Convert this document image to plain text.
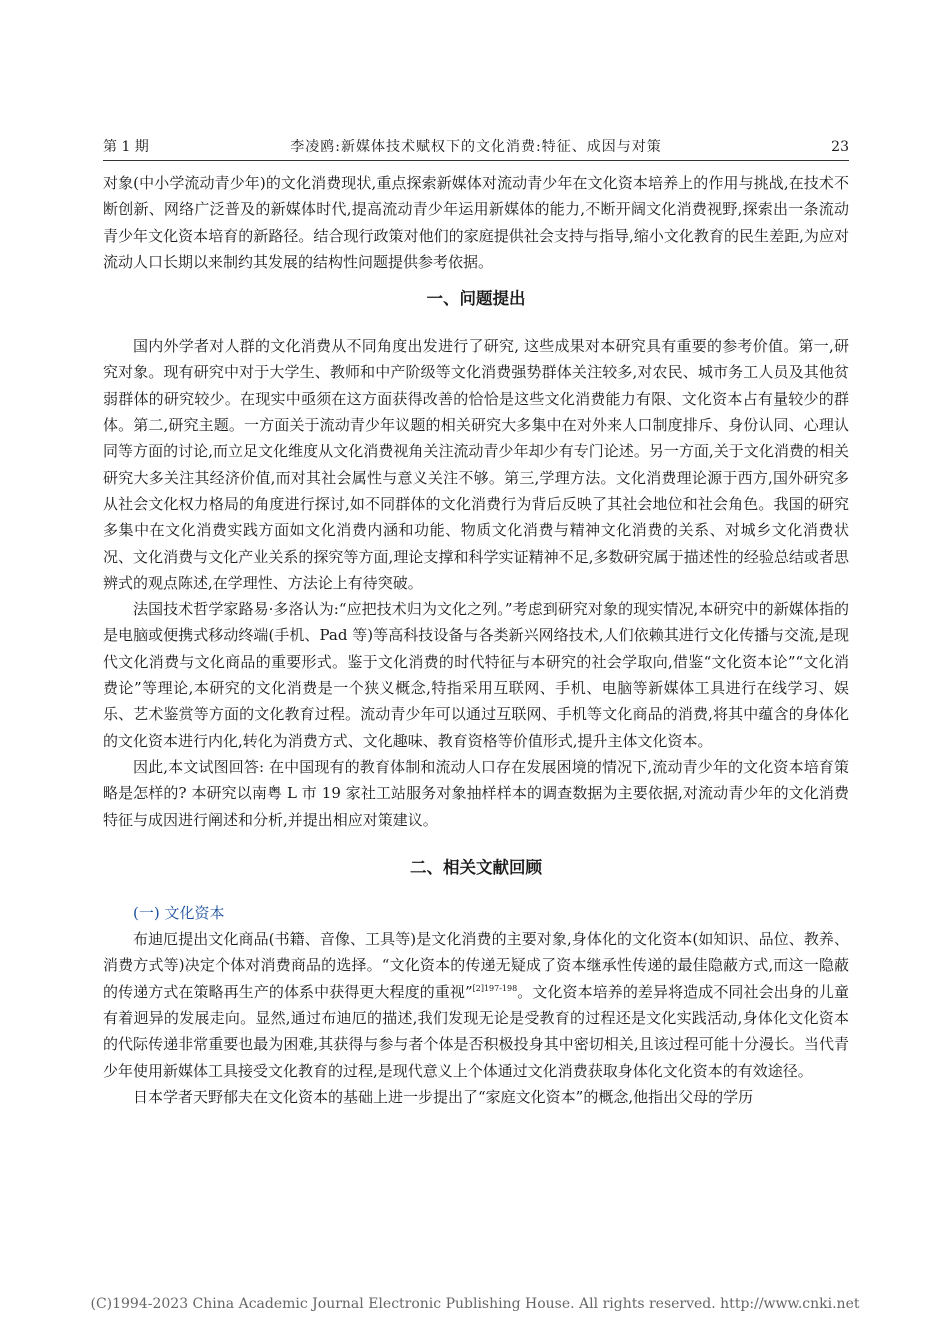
第 1 期	李凌鸥:新媒体技术赋权下的文化消费:特征、成因与对策	23

对象(中小学流动青少年)的文化消费现状,重点探索新媒体对流动青少年在文化资本培养上的作用与挑战,在技术不断创新、网络广泛普及的新媒体时代,提高流动青少年运用新媒体的能力,不断开阔文化消费视野,探索出一条流动青少年文化资本培育的新路径。结合现行政策对他们的家庭提供社会支持与指导,缩小文化教育的民生差距,为应对流动人口长期以来制约其发展的结构性问题提供参考依据。

一、问题提出

国内外学者对人群的文化消费从不同角度出发进行了研究, 这些成果对本研究具有重要的参考价值。第一,研究对象。现有研究中对于大学生、教师和中产阶级等文化消费强势群体关注较多,对农民、城市务工人员及其他贫弱群体的研究较少。在现实中亟须在这方面获得改善的恰恰是这些文化消费能力有限、文化资本占有量较少的群体。第二,研究主题。一方面关于流动青少年议题的相关研究大多集中在对外来人口制度排斥、身份认同、心理认同等方面的讨论,而立足文化维度从文化消费视角关注流动青少年却少有专门论述。另一方面,关于文化消费的相关研究大多关注其经济价值,而对其社会属性与意义关注不够。第三,学理方法。文化消费理论源于西方,国外研究多从社会文化权力格局的角度进行探讨,如不同群体的文化消费行为背后反映了其社会地位和社会角色。我国的研究多集中在文化消费实践方面如文化消费内涵和功能、物质文化消费与精神文化消费的关系、对城乡文化消费状况、文化消费与文化产业关系的探究等方面,理论支撑和科学实证精神不足,多数研究属于描述性的经验总结或者思辨式的观点陈述,在学理性、方法论上有待突破。

法国技术哲学家路易·多洛认为:“应把技术归为文化之列。”考虑到研究对象的现实情况,本研究中的新媒体指的是电脑或便携式移动终端(手机、Pad 等)等高科技设备与各类新兴网络技术,人们依赖其进行文化传播与交流,是现代文化消费与文化商品的重要形式。鉴于文化消费的时代特征与本研究的社会学取向,借鉴“文化资本论”“文化消费论”等理论,本研究的文化消费是一个狭义概念,特指采用互联网、手机、电脑等新媒体工具进行在线学习、娱乐、艺术鉴赏等方面的文化教育过程。流动青少年可以通过互联网、手机等文化商品的消费,将其中蕴含的身体化的文化资本进行内化,转化为消费方式、文化趣味、教育资格等价值形式,提升主体文化资本。

因此,本文试图回答: 在中国现有的教育体制和流动人口存在发展困境的情况下,流动青少年的文化资本培育策略是怎样的? 本研究以南粤 L 市 19 家社工站服务对象抽样样本的调查数据为主要依据,对流动青少年的文化消费特征与成因进行阐述和分析,并提出相应对策建议。

二、相关文献回顾

(一) 文化资本

布迪厄提出文化商品(书籍、音像、工具等)是文化消费的主要对象,身体化的文化资本(如知识、品位、教养、消费方式等)决定个体对消费商品的选择。“文化资本的传递无疑成了资本继承性传递的最佳隐蔽方式,而这一隐蔽的传递方式在策略再生产的体系中获得更大程度的重视”$^{[2]197-198}$。文化资本培养的差异将造成不同社会出身的儿童有着迥异的发展走向。显然,通过布迪厄的描述,我们发现无论是受教育的过程还是文化实践活动,身体化文化资本的代际传递非常重要也最为困难,其获得与参与者个体是否积极投身其中密切相关,且该过程可能十分漫长。当代青少年使用新媒体工具接受文化教育的过程,是现代意义上个体通过文化消费获取身体化文化资本的有效途径。

日本学者天野郁夫在文化资本的基础上进一步提出了“家庭文化资本”的概念,他指出父母的学历

(C)1994-2023 China Academic Journal Electronic Publishing House. All rights reserved. http://www.cnki.net
